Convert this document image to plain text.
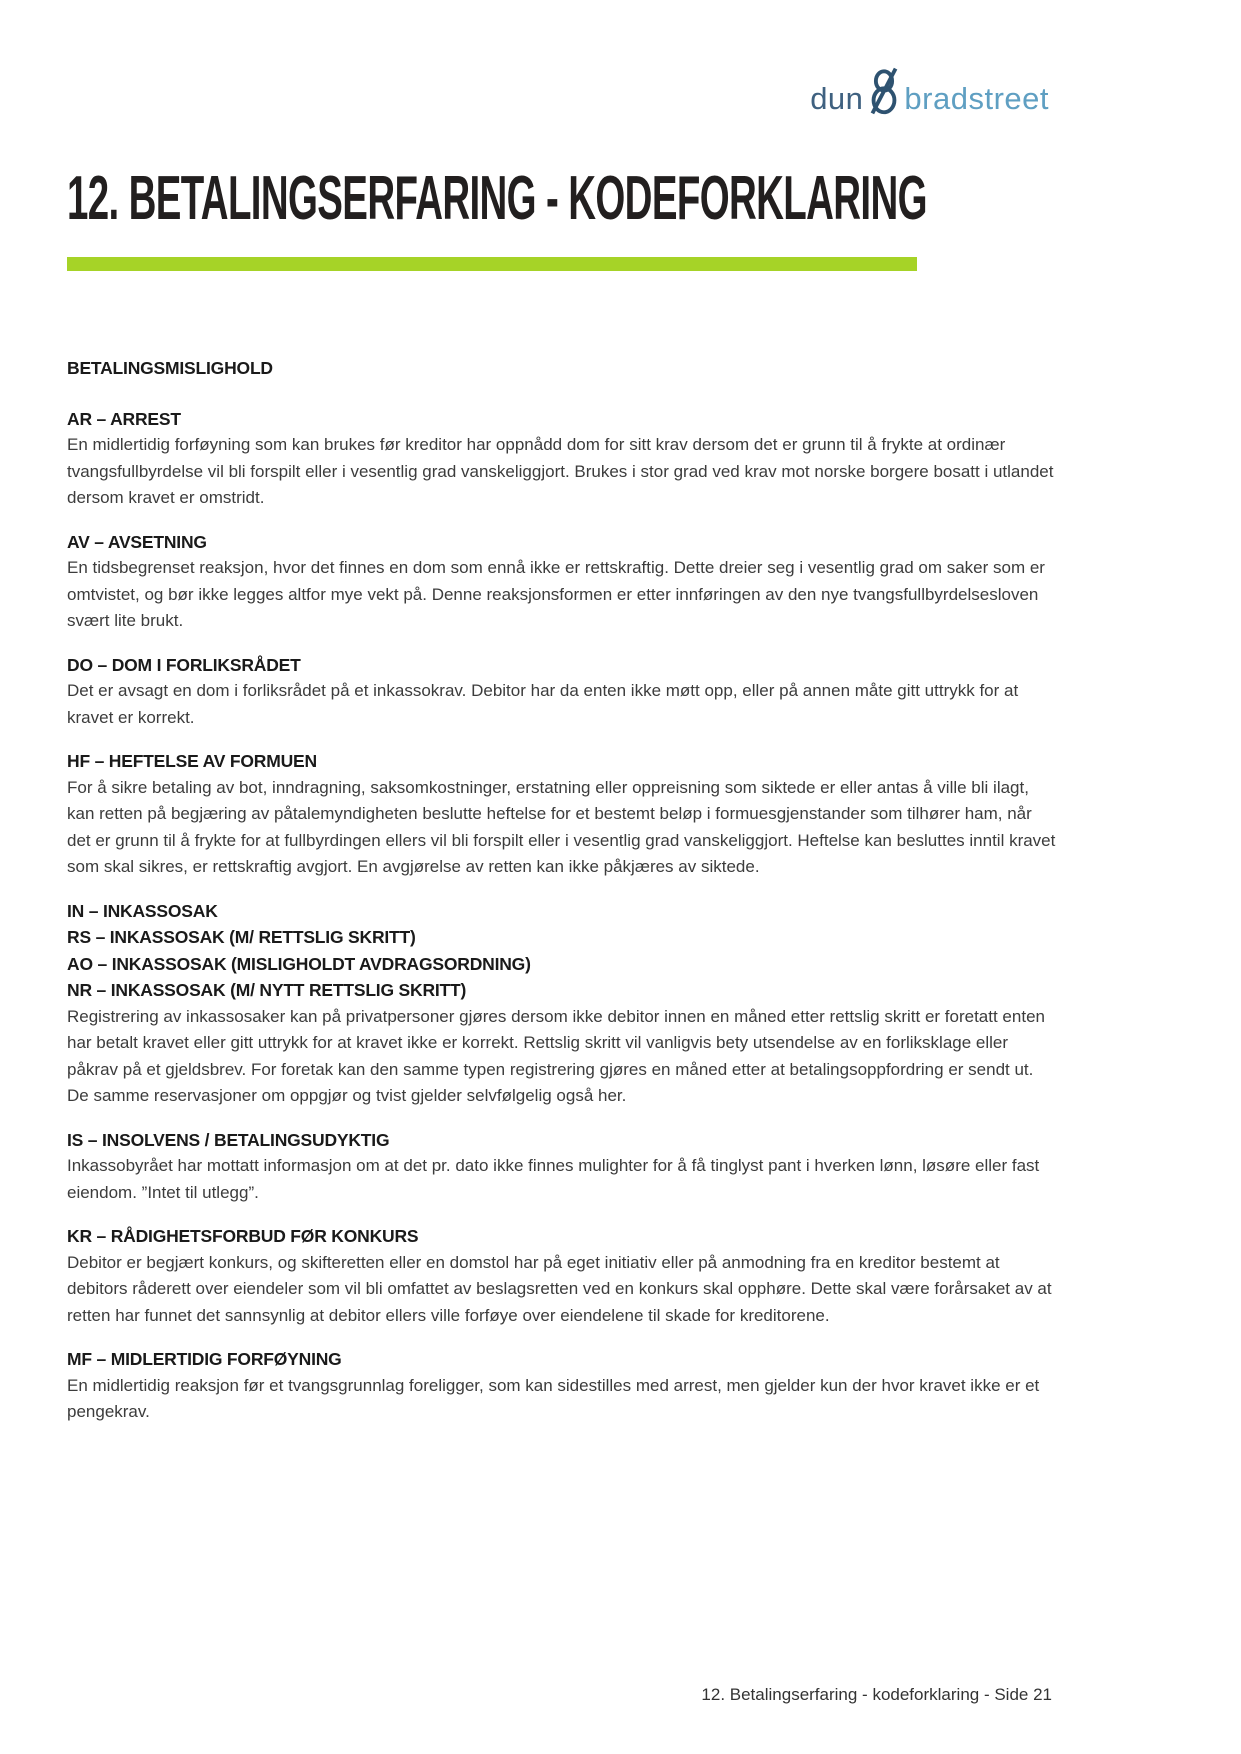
dun bradstreet
12. BETALINGSERFARING - KODEFORKLARING
BETALINGSMISLIGHOLD
AR – ARREST

En midlertidig forføyning som kan brukes før kreditor har oppnådd dom for sitt krav dersom det er grunn til å frykte at ordinær tvangsfullbyrdelse vil bli forspilt eller i vesentlig grad vanskeliggjort. Brukes i stor grad ved krav mot norske borgere bosatt i utlandet dersom kravet er omstridt.

AV – AVSETNING

En tidsbegrenset reaksjon, hvor det finnes en dom som ennå ikke er rettskraftig. Dette dreier seg i vesentlig grad om saker som er omtvistet, og bør ikke legges altfor mye vekt på. Denne reaksjonsformen er etter innføringen av den nye tvangsfullbyrdelsesloven svært lite brukt.

DO – DOM I FORLIKSRÅDET

Det er avsagt en dom i forliksrådet på et inkassokrav. Debitor har da enten ikke møtt opp, eller på annen måte gitt uttrykk for at kravet er korrekt.

HF – HEFTELSE AV FORMUEN

For å sikre betaling av bot, inndragning, saksomkostninger, erstatning eller oppreisning som siktede er eller antas å ville bli ilagt, kan retten på begjæring av påtalemyndigheten beslutte heftelse for et bestemt beløp i formuesgjenstander som tilhører ham, når det er grunn til å frykte for at fullbyrdingen ellers vil bli forspilt eller i vesentlig grad vanskeliggjort. Heftelse kan besluttes inntil kravet som skal sikres, er rettskraftig avgjort. En avgjørelse av retten kan ikke påkjæres av siktede.

IN – INKASSOSAK
RS – INKASSOSAK (M/ RETTSLIG SKRITT)
AO – INKASSOSAK (MISLIGHOLDT AVDRAGSORDNING)
NR – INKASSOSAK (M/ NYTT RETTSLIG SKRITT)

Registrering av inkassosaker kan på privatpersoner gjøres dersom ikke debitor innen en måned etter rettslig skritt er foretatt enten har betalt kravet eller gitt uttrykk for at kravet ikke er korrekt. Rettslig skritt vil vanligvis bety utsendelse av en forliksklage eller påkrav på et gjeldsbrev. For foretak kan den samme typen registrering gjøres en måned etter at betalingsoppfordring er sendt ut. De samme reservasjoner om oppgjør og tvist gjelder selvfølgelig også her.

IS – INSOLVENS / BETALINGSUDYKTIG

Inkassobyrået har mottatt informasjon om at det pr. dato ikke finnes mulighter for å få tinglyst pant i hverken lønn, løsøre eller fast eiendom. ”Intet til utlegg”.

KR – RÅDIGHETSFORBUD FØR KONKURS

Debitor er begjært konkurs, og skifteretten eller en domstol har på eget initiativ eller på anmodning fra en kreditor bestemt at debitors råderett over eiendeler som vil bli omfattet av beslagsretten ved en konkurs skal opphøre. Dette skal være forårsaket av at retten har funnet det sannsynlig at debitor ellers ville forføye over eiendelene til skade for kreditorene.

MF – MIDLERTIDIG FORFØYNING

En midlertidig reaksjon før et tvangsgrunnlag foreligger, som kan sidestilles med arrest, men gjelder kun der hvor kravet ikke er et pengekrav.

12. Betalingserfaring - kodeforklaring - Side 21
